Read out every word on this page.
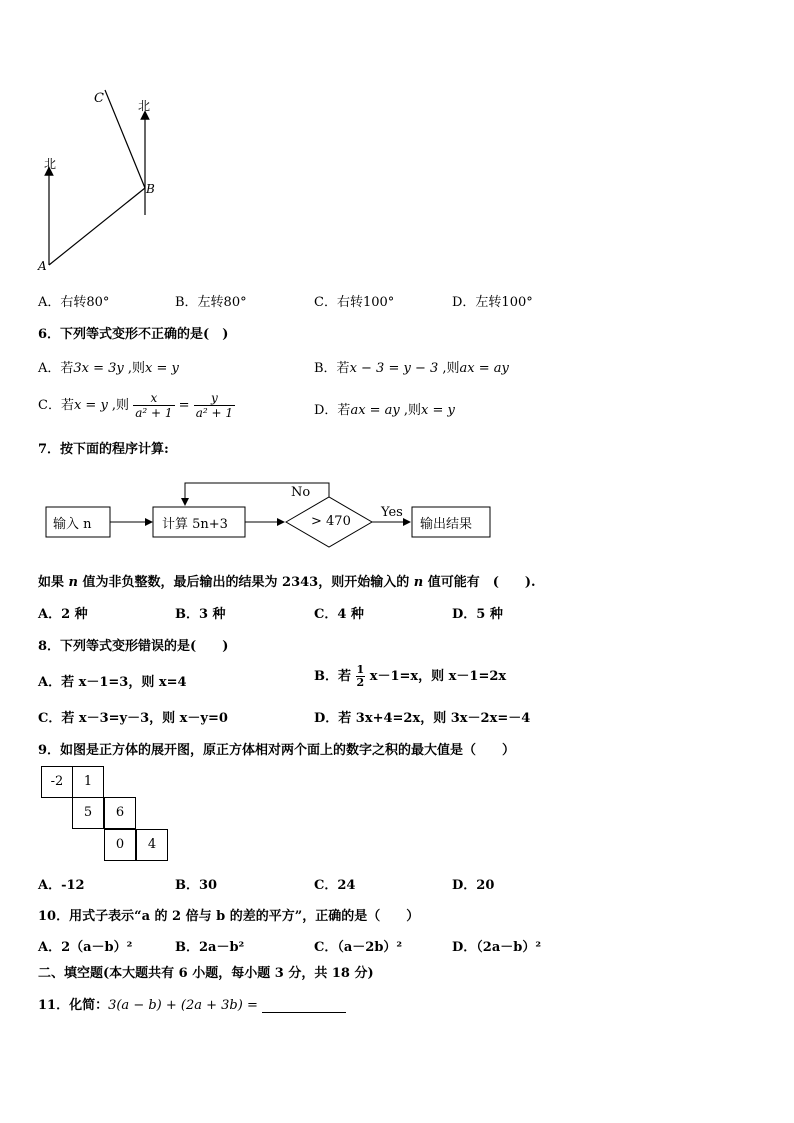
C
B
A
北
北
A．右转80°	B．左转80°	C．右转100°	D．左转100°
6．下列等式变形不正确的是(　)
A．若3x = 3y ,则x = y	B．若x − 3 = y − 3 ,则ax = ay
C．若x = y ,则 $\frac{x}{\text{a² + 1}} = \frac{y}{\text{a² + 1}}$	D．若ax = ay ,则x = y
7．按下面的程序计算:
输入 n	计算 5n+3	> 470
No
Yes
输出结果
如果 n 值为非负整数，最后输出的结果为 2343，则开始输入的 n 值可能有　(　　).
A．2 种	B．3 种	C．4 种	D．5 种
8．下列等式变形错误的是(　　)
A．若 x－1=3，则 x=4	B．若 $\frac{1}{2} x-1=x$，则 x－1=2x
C．若 x－3=y－3，则 x－y=0	D．若 3x+4=2x，则 3x－2x=－4
9．如图是正方体的展开图，原正方体相对两个面上的数字之积的最大值是（　　）
-2	1
5	6
0	4
A．-12	B．30	C．24	D．20
10．用式子表示“a 的 2 倍与 b 的差的平方”，正确的是（　　）
A．2（a－b）²	B．2a－b²	C．（a－2b）²	D．（2a－b）²
二、填空题(本大题共有 6 小题，每小题 3 分，共 18 分)
11．化简：3(a − b) + (2a + 3b) =
